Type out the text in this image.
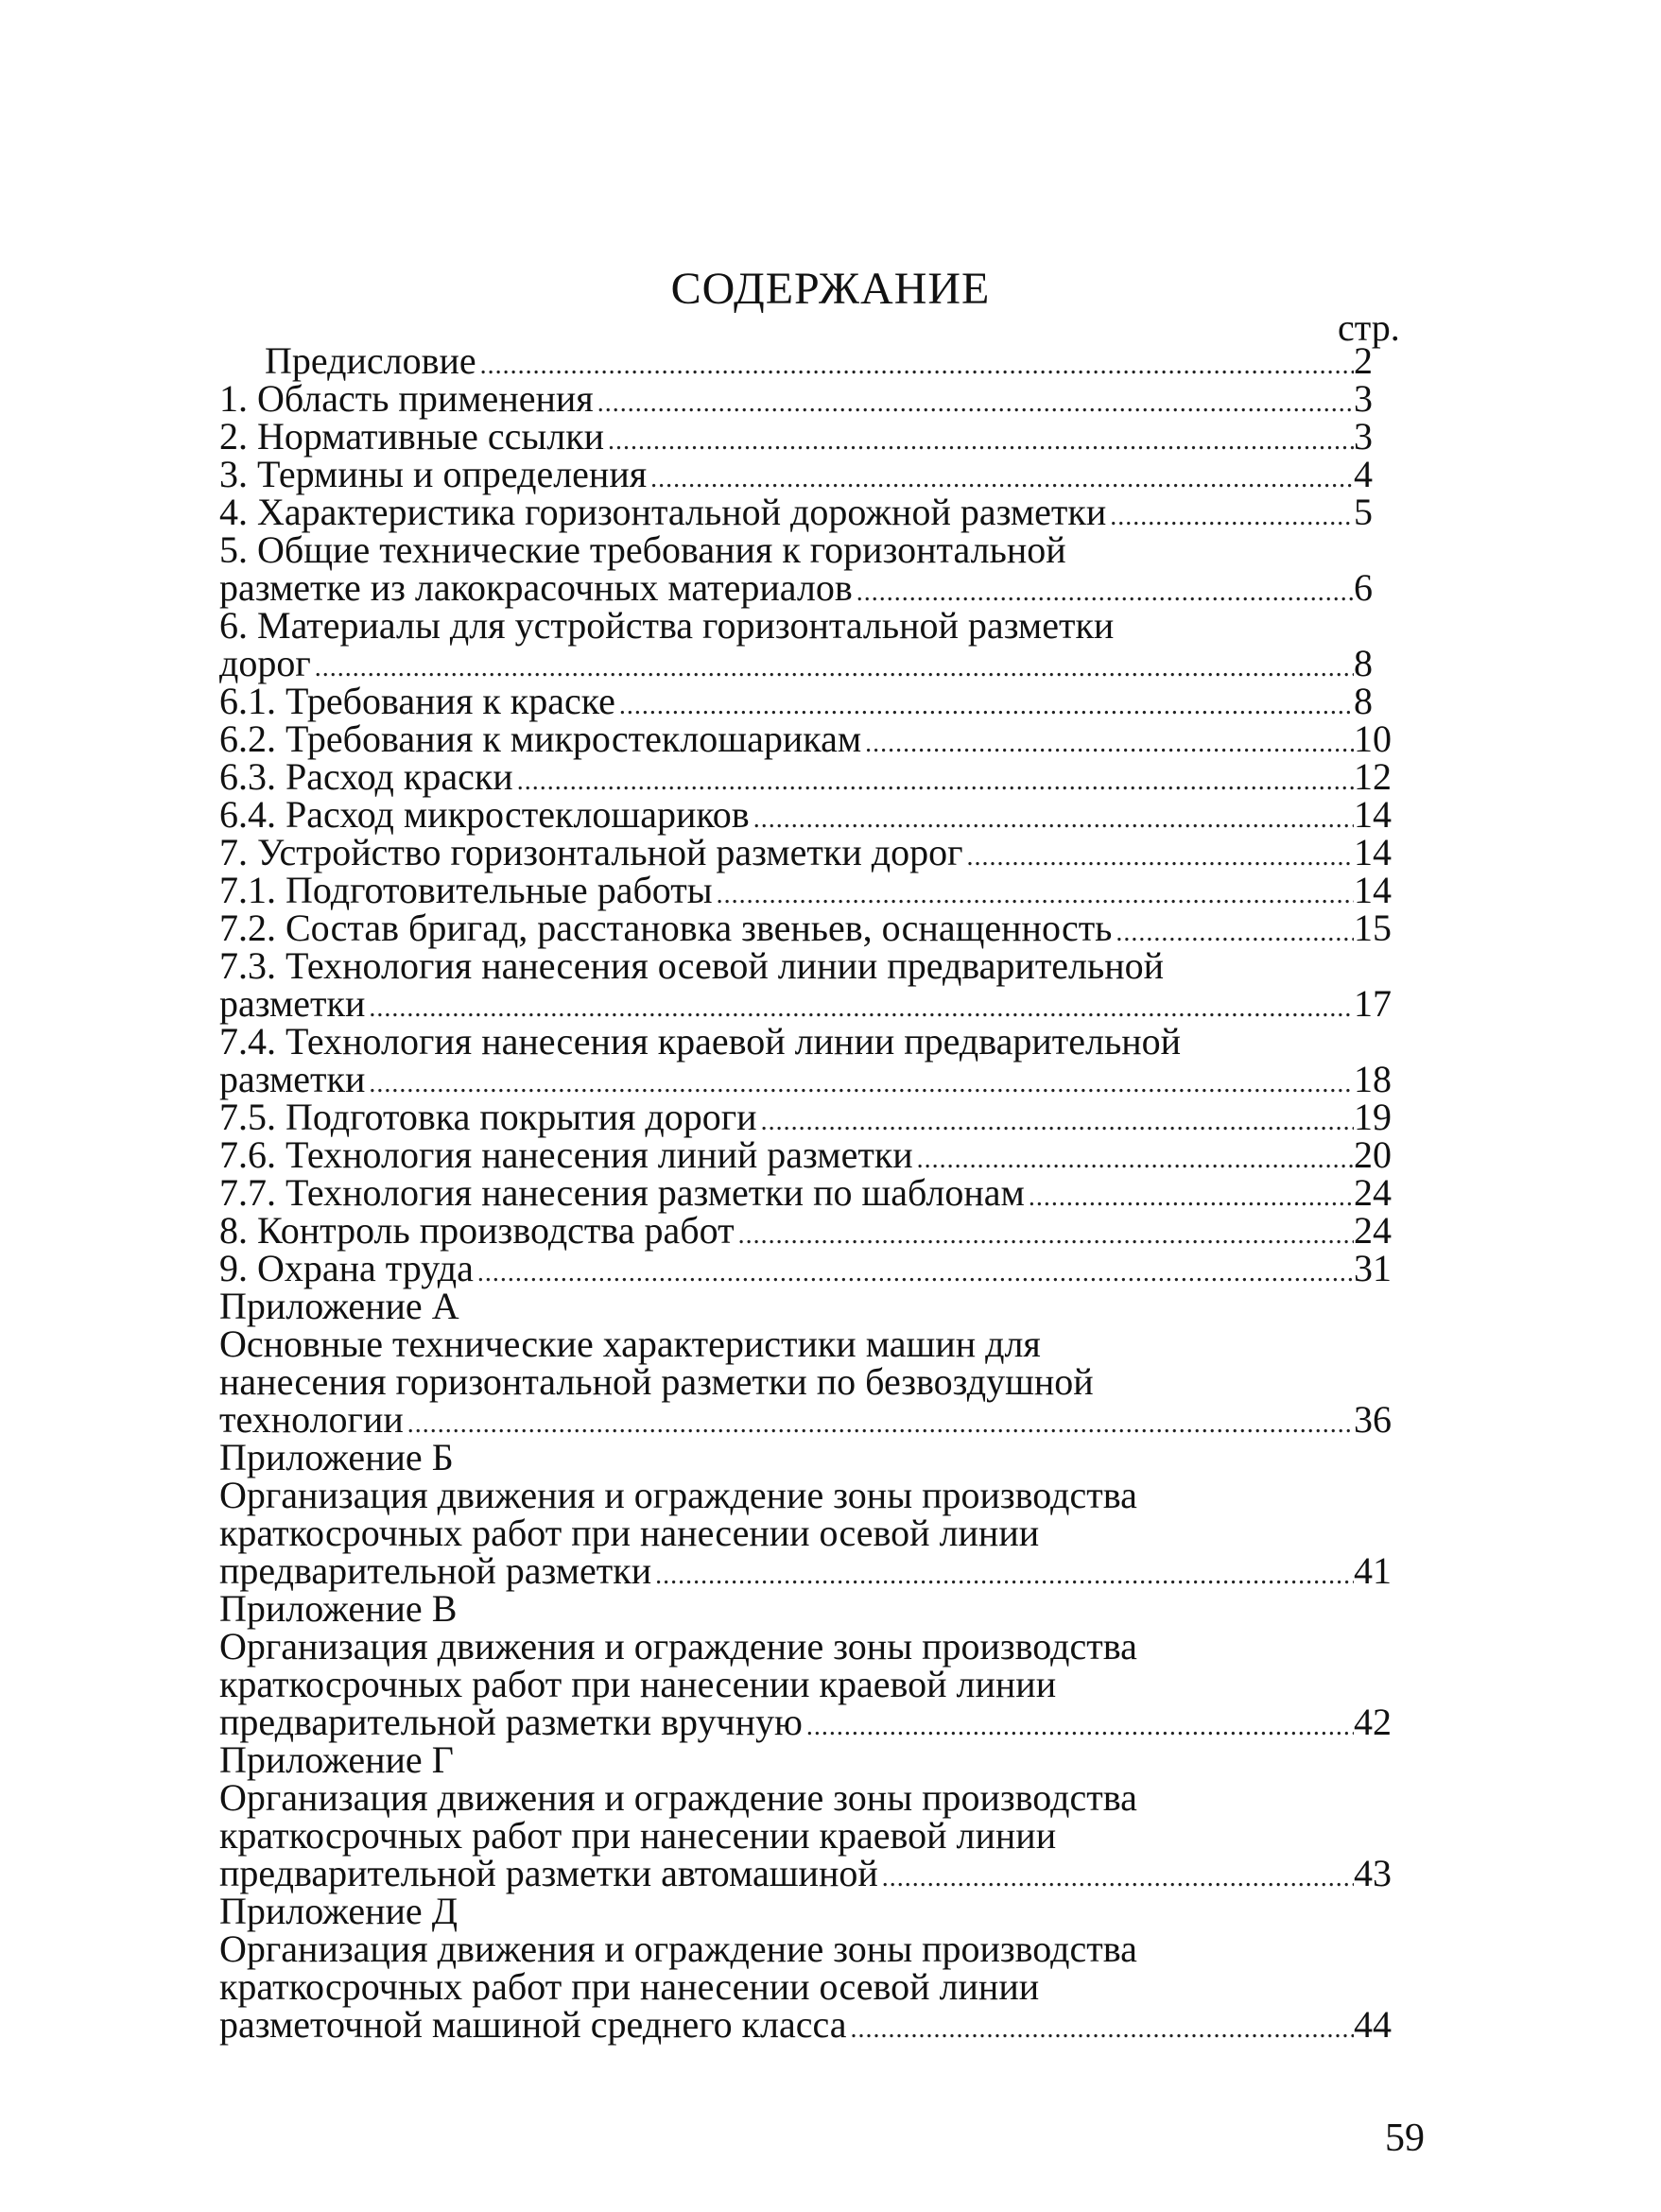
СОДЕРЖАНИЕ
стр.
Предисловие .....	2
1. Область применения .....	3
2. Нормативные ссылки .....	3
3. Термины и определения .....	4
4. Характеристика горизонтальной дорожной разметки .....	5
5. Общие технические требования к горизонтальной
разметке из лакокрасочных материалов .....	6
6. Материалы для устройства горизонтальной разметки
дорог .....	8
6.1. Требования к краске .....	8
6.2. Требования к микростеклошарикам .....	10
6.3. Расход краски .....	12
6.4. Расход микростеклошариков .....	14
7. Устройство горизонтальной разметки дорог .....	14
7.1. Подготовительные работы .....	14
7.2. Состав бригад, расстановка звеньев, оснащенность .....	15
7.3. Технология нанесения осевой линии предварительной
разметки .....	17
7.4. Технология нанесения краевой линии предварительной
разметки .....	18
7.5. Подготовка покрытия дороги .....	19
7.6. Технология нанесения линий разметки .....	20
7.7. Технология нанесения разметки по шаблонам .....	24
8. Контроль производства работ .....	24
9. Охрана труда .....	31
Приложение А
Основные технические характеристики машин для
нанесения горизонтальной разметки по безвоздушной
технологии .....	36
Приложение Б
Организация движения и ограждение зоны производства
краткосрочных работ при нанесении осевой линии
предварительной разметки .....	41
Приложение В
Организация движения и ограждение зоны производства
краткосрочных работ при нанесении краевой линии
предварительной разметки вручную .....	42
Приложение Г
Организация движения и ограждение зоны производства
краткосрочных работ при нанесении краевой линии
предварительной разметки автомашиной .....	43
Приложение Д
Организация движения и ограждение зоны производства
краткосрочных работ при нанесении осевой линии
разметочной машиной среднего класса .....	44
59
